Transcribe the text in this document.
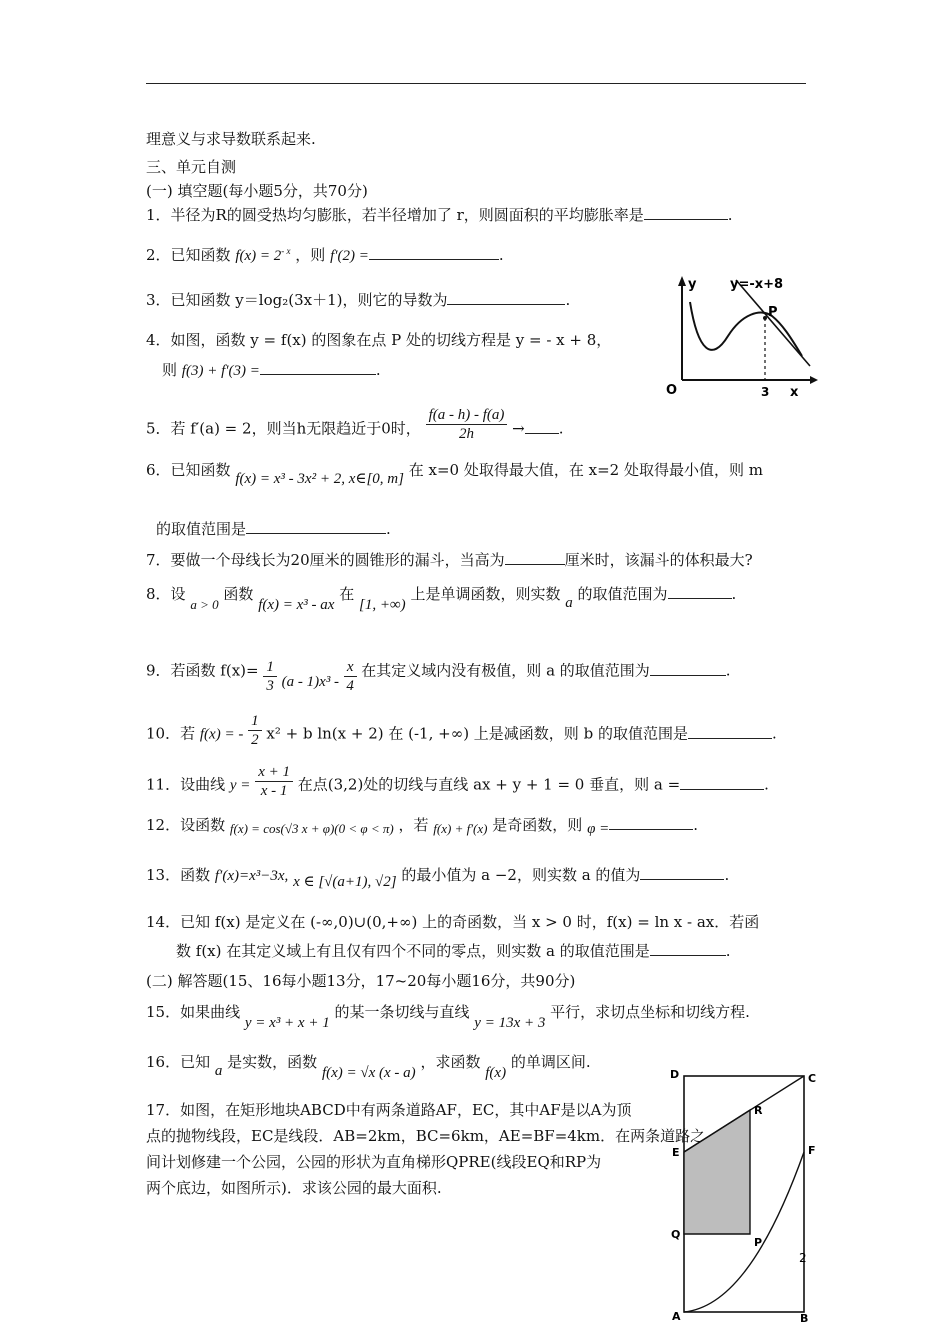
理意义与求导数联系起来.
三、单元自测
(一) 填空题(每小题5分，共70分)
1．半径为R的圆受热均匀膨胀，若半径增加了 r，则圆面积的平均膨胀率是	.
2．已知函数 $f(x) = 2^{- x}$ ，则 f′(2) =	.
3．已知函数 y＝log₂(3x＋1)，则它的导数为	.
4．如图，函数 y = f(x) 的图象在点 P 处的切线方程是 y = - x + 8，
则 f(3) + f′(3) =	.
y	y=-x+8
P
O	3 x
5．若 f′(a) = 2，则当h无限趋近于0时， $\frac{f(a - h) - f(a)}{2h}$ → .
6．已知函数 f(x) = x³ - 3x² + 2, x∈[0, m] 在 x=0 处取得最大值，在 x=2 处取得最小值，则 m
的取值范围是	.
7．要做一个母线长为20厘米的圆锥形的漏斗，当高为	厘米时，该漏斗的体积最大?
8．设 a > 0 函数 f(x) = x³ - ax 在 [1, +∞) 上是单调函数，则实数 a 的取值范围为	.
9．若函数 $f(x)= \frac{1}{3} (a - 1)x^3 - \frac{x}{4}$ 在其定义域内没有极值，则 a 的取值范围为	.
10．若 f(x) = - $\frac{1}{2} x^2 + b$ ln(x + 2) 在 (-1, +∞) 上是减函数，则 b 的取值范围是	.
11．设曲线 $y = \frac{x + 1}{x - 1}$ 在点(3,2)处的切线与直线 ax + y + 1 = 0 垂直，则 a =	.
12．设函数 f(x) = cos(√3 x + φ)(0 < φ < π) ，若 f(x) + f′(x) 是奇函数，则 φ =	.
13．函数 f′(x)=x³−3x, x ∈ [√(a+1), √2] 的最小值为 a −2，则实数 a 的值为	.
14．已知 f(x) 是定义在 (-∞,0)∪(0,+∞) 上的奇函数，当 x > 0 时，f(x) = ln x - ax．若函
数 f(x) 在其定义域上有且仅有四个不同的零点，则实数 a 的取值范围是	.
(二) 解答题(15、16每小题13分，17~20每小题16分，共90分)
15．如果曲线 y = x³ + x + 1 的某一条切线与直线 y = 13x + 3 平行，求切点坐标和切线方程.
16．已知 a 是实数，函数 f(x) = √x (x - a) ，求函数 f(x) 的单调区间.
17．如图，在矩形地块ABCD中有两条道路AF，EC，其中AF是以A为顶
点的抛物线段，EC是线段．AB=2km，BC=6km，AE=BF=4km．在两条道路之
间计划修建一个公园，公园的形状为直角梯形QPRE(线段EQ和RP为
两个底边，如图所示)．求该公园的最大面积.
D	C
R
F
E
Q
P
2
A	B
